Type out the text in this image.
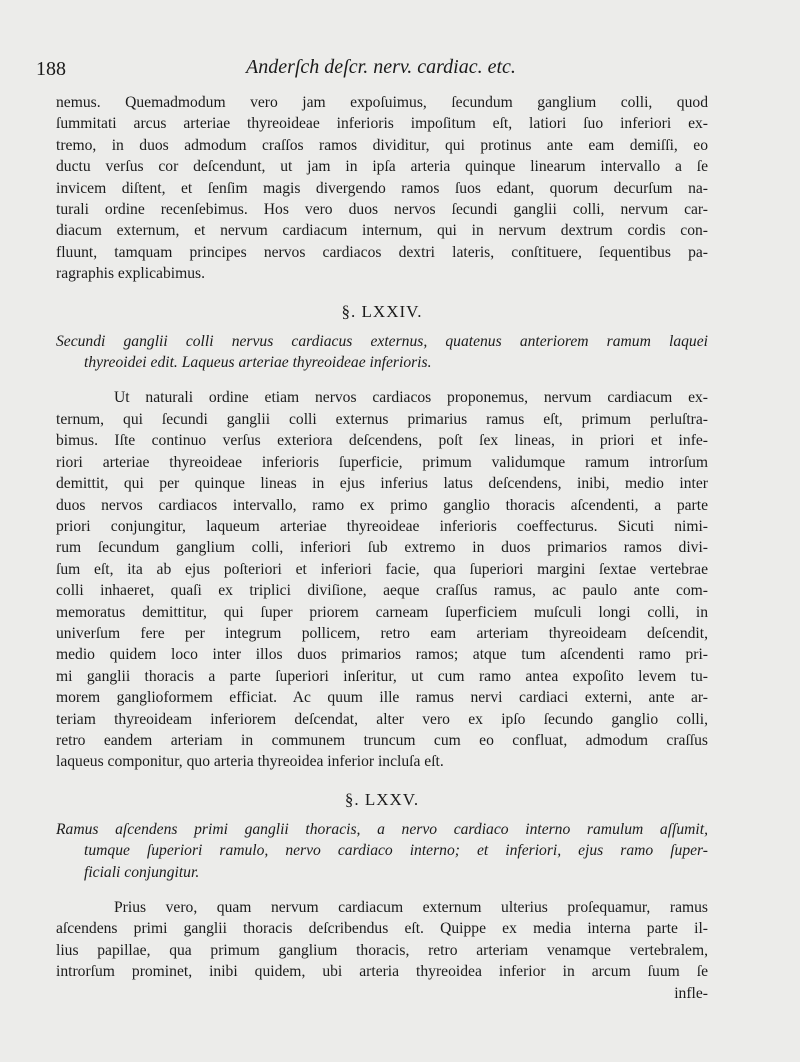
188	Anderſch deſcr. nerv. cardiac. etc.
nemus. Quemadmodum vero jam expoſuimus, ſecundum ganglium colli, quod
ſummitati arcus arteriae thyreoideae inferioris impoſitum eſt, latiori ſuo inferiori ex-
tremo, in duos admodum craſſos ramos dividitur, qui protinus ante eam demiſſi, eo
ductu verſus cor deſcendunt, ut jam in ipſa arteria quinque linearum intervallo a ſe
invicem diſtent, et ſenſim magis divergendo ramos ſuos edant, quorum decurſum na-
turali ordine recenſebimus. Hos vero duos nervos ſecundi ganglii colli, nervum car-
diacum externum, et nervum cardiacum internum, qui in nervum dextrum cordis con-
fluunt, tamquam principes nervos cardiacos dextri lateris, conſtituere, ſequentibus pa-
ragraphis explicabimus.
§. LXXIV.
Secundi ganglii colli nervus cardiacus externus, quatenus anteriorem ramum laquei
thyreoidei edit. Laqueus arteriae thyreoideae inferioris.
Ut naturali ordine etiam nervos cardiacos proponemus, nervum cardiacum ex-
ternum, qui ſecundi ganglii colli externus primarius ramus eſt, primum perluſtra-
bimus. Iſte continuo verſus exteriora deſcendens, poſt ſex lineas, in priori et infe-
riori arteriae thyreoideae inferioris ſuperficie, primum validumque ramum introrſum
demittit, qui per quinque lineas in ejus inferius latus deſcendens, inibi, medio inter
duos nervos cardiacos intervallo, ramo ex primo ganglio thoracis aſcendenti, a parte
priori conjungitur, laqueum arteriae thyreoideae inferioris coeffecturus. Sicuti nimi-
rum ſecundum ganglium colli, inferiori ſub extremo in duos primarios ramos divi-
ſum eſt, ita ab ejus poſteriori et inferiori facie, qua ſuperiori margini ſextae vertebrae
colli inhaeret, quaſi ex triplici diviſione, aeque craſſus ramus, ac paulo ante com-
memoratus demittitur, qui ſuper priorem carneam ſuperficiem muſculi longi colli, in
univerſum fere per integrum pollicem, retro eam arteriam thyreoideam deſcendit,
medio quidem loco inter illos duos primarios ramos; atque tum aſcendenti ramo pri-
mi ganglii thoracis a parte ſuperiori inſeritur, ut cum ramo antea expoſito levem tu-
morem ganglioformem efficiat. Ac quum ille ramus nervi cardiaci externi, ante ar-
teriam thyreoideam inferiorem deſcendat, alter vero ex ipſo ſecundo ganglio colli,
retro eandem arteriam in communem truncum cum eo confluat, admodum craſſus
laqueus componitur, quo arteria thyreoidea inferior incluſa eſt.
§. LXXV.
Ramus aſcendens primi ganglii thoracis, a nervo cardiaco interno ramulum aſſumit,
tumque ſuperiori ramulo, nervo cardiaco interno; et inferiori, ejus ramo ſuper-
ficiali conjungitur.
Prius vero, quam nervum cardiacum externum ulterius proſequamur, ramus
aſcendens primi ganglii thoracis deſcribendus eſt. Quippe ex media interna parte il-
lius papillae, qua primum ganglium thoracis, retro arteriam venamque vertebralem,
introrſum prominet, inibi quidem, ubi arteria thyreoidea inferior in arcum ſuum ſe
infle-
